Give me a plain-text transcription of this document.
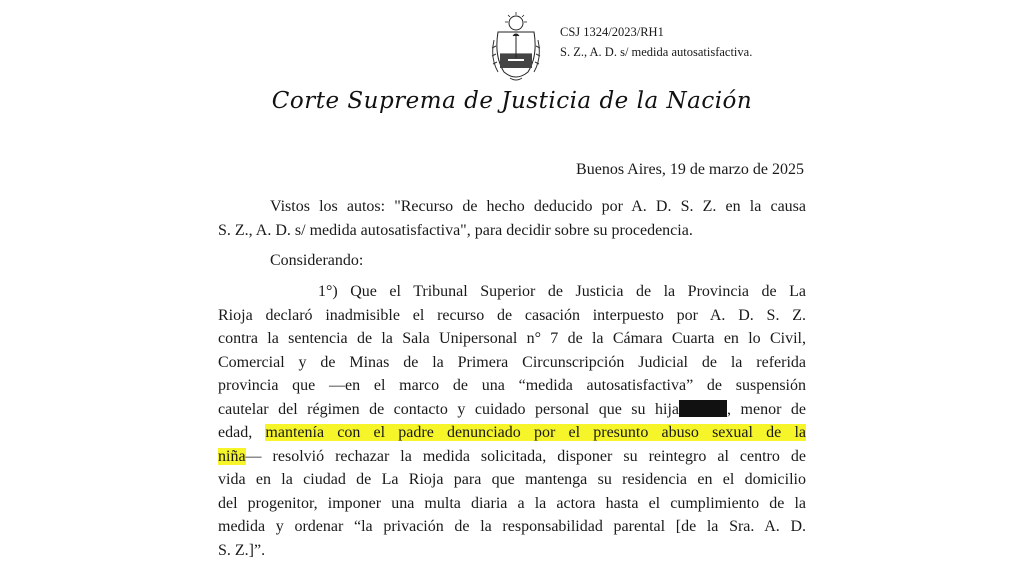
CSJ 1324/2023/RH1
S. Z., A. D. s/ medida autosatisfactiva.
Corte Suprema de Justicia de la Nación
Buenos Aires, 19 de marzo de 2025
Vistos los autos: "Recurso de hecho deducido por A. D. S. Z. en la causa
S. Z., A. D. s/ medida autosatisfactiva", para decidir sobre su procedencia.
Considerando:
1°) Que el Tribunal Superior de Justicia de la Provincia de La
Rioja declaró inadmisible el recurso de casación interpuesto por A. D. S. Z.
contra la sentencia de la Sala Unipersonal n° 7 de la Cámara Cuarta en lo Civil,
Comercial y de Minas de la Primera Circunscripción Judicial de la referida
provincia que —en el marco de una “medida autosatisfactiva” de suspensión
cautelar del régimen de contacto y cuidado personal que su hija	, menor de
edad, mantenía con el padre denunciado por el presunto abuso sexual de la
niña— resolvió rechazar la medida solicitada, disponer su reintegro al centro de
vida en la ciudad de La Rioja para que mantenga su residencia en el domicilio
del progenitor, imponer una multa diaria a la actora hasta el cumplimiento de la
medida y ordenar “la privación de la responsabilidad parental [de la Sra. A. D.
S. Z.]”.
